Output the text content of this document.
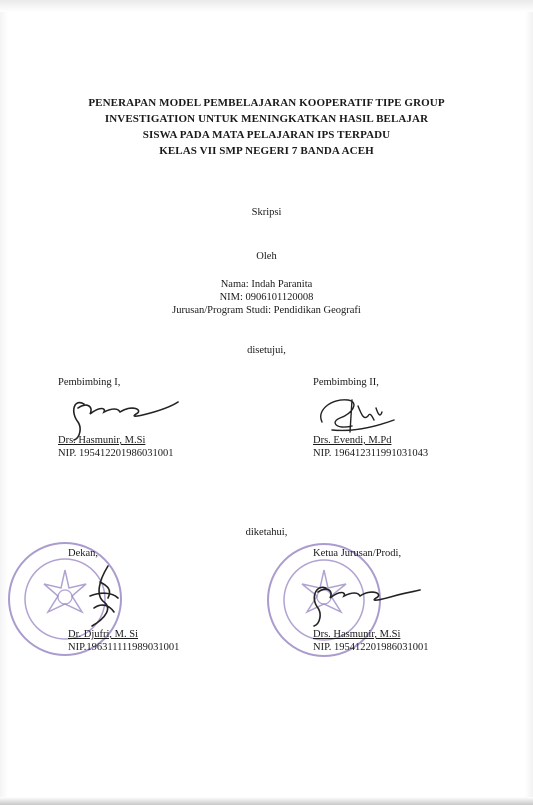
PENERAPAN MODEL PEMBELAJARAN KOOPERATIF TIPE GROUP
INVESTIGATION UNTUK MENINGKATKAN HASIL BELAJAR
SISWA PADA MATA PELAJARAN IPS TERPADU
KELAS VII SMP NEGERI 7 BANDA ACEH
Skripsi
Oleh
Nama: Indah Paranita
NIM: 0906101120008
Jurusan/Program Studi: Pendidikan Geografi
disetujui,
Pembimbing I,
Drs. Hasmunir, M.Si
NIP. 195412201986031001
Pembimbing II,
Drs. Evendi, M.Pd
NIP. 196412311991031043
diketahui,
Dekan,
Dr. Djufri, M. Si
NIP.196311111989031001
Ketua Jurusan/Prodi,
Drs. Hasmunir, M.Si
NIP. 195412201986031001
